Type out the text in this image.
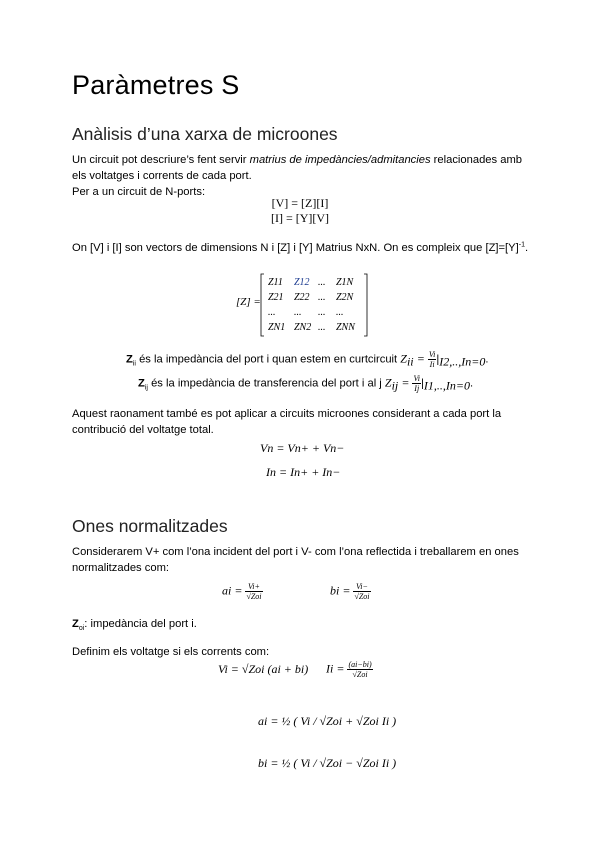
Paràmetres S
Anàlisis d’una xarxa de microones
Un circuit pot descriure’s fent servir matrius de impedàncies/admitancies relacionades amb
els voltatges i corrents de cada port.
Per a un circuit de N-ports:
[V] = [Z][I]
[I] = [Y][V]
On [V] i [I] son vectors de dimensions N i [Z] i [Y] Matrius NxN. On es compleix que $[Z]=[Y]^{-1}$.
[Z] =
Z11 Z12 ... Z1N
Z21 Z22 ... Z2N
... ... ... ...
ZN1 ZN2 ... ZNN
$Z_{ii}$ és la impedància del port i quan estem en curtcircuit $Z_{ii} = \frac{Vi}{Ii} |_{I2,..,In=0}$.
$Z_{ij}$ és la impedància de transferencia del port i al j $Z_{ij} = \frac{Vi}{Ij} |_{I1,..,In=0}$.
Aquest raonament també es pot aplicar a circuits microones considerant a cada port la
contribució del voltatge total.
Vn = Vn+ + Vn−
In = In+ + In−
Ones normalitzades
Considerarem V+ com l’ona incident del port i V- com l’ona reflectida i treballarem en ones
normalitzades com:
ai = $\frac{Vi+}{\text{√Zoi}}$	bi = $\frac{Vi-}{\text{√Zoi}}$
$Z_{oi}$: impedància del port i.
Definim els voltatge si els corrents com:
Vi = √Zoi (ai + bi) $Ii = \frac{(ai-bi)}{\text{√Zoi}}$
ai = ½ ( Vi / √Zoi + √Zoi Ii )
bi = ½ ( Vi / √Zoi − √Zoi Ii )
